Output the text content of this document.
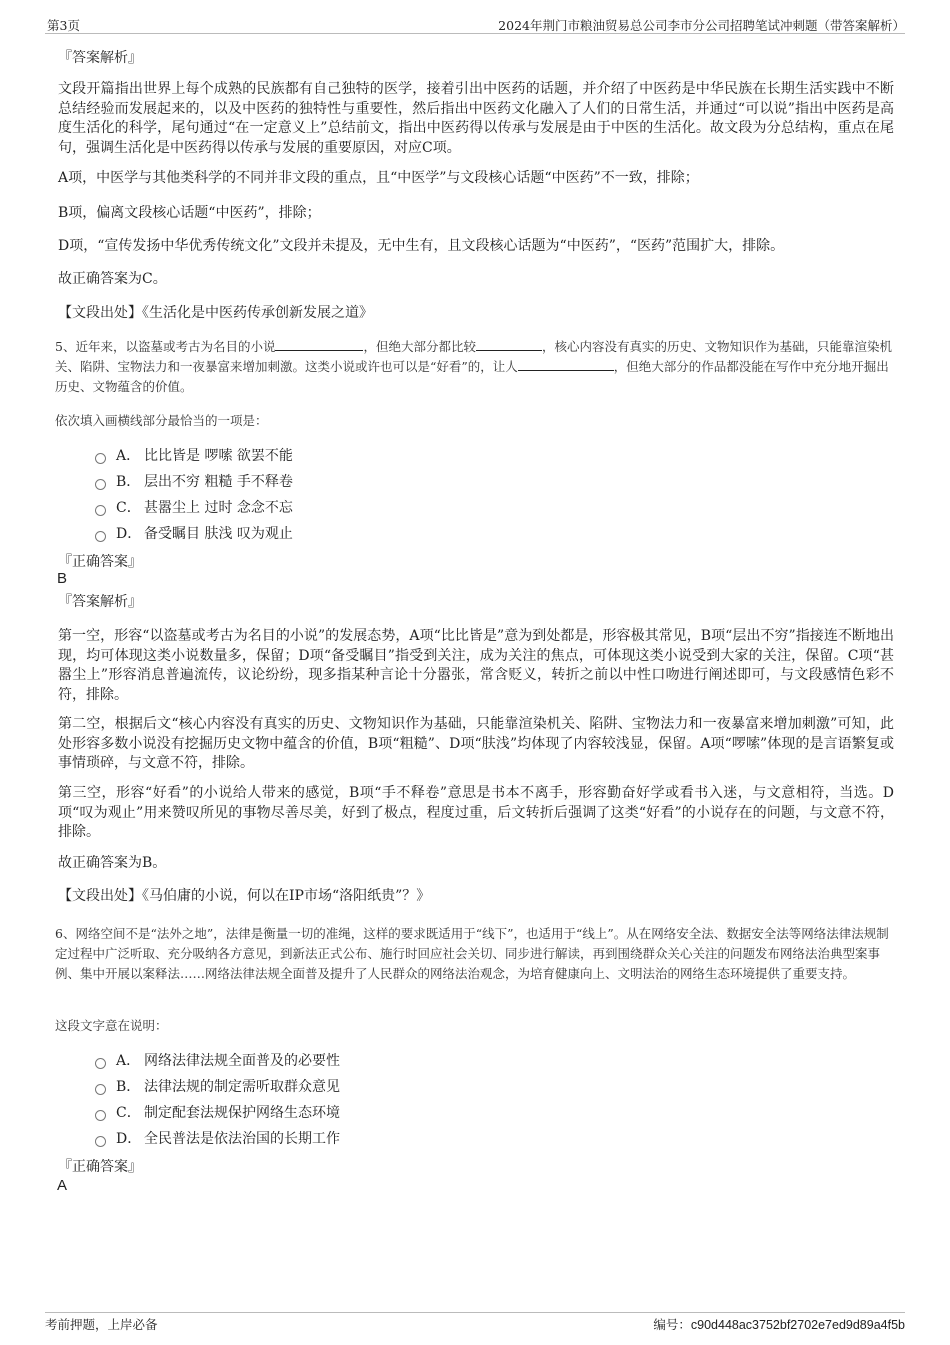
第3页	2024年荆门市粮油贸易总公司李市分公司招聘笔试冲刺题（带答案解析）
『答案解析』
文段开篇指出世界上每个成熟的民族都有自己独特的医学，接着引出中医药的话题，并介绍了中医药是中华民族在长期生活实践中不断总结经验而发展起来的，以及中医药的独特性与重要性，然后指出中医药文化融入了人们的日常生活，并通过“可以说”指出中医药是高度生活化的科学，尾句通过“在一定意义上”总结前文，指出中医药得以传承与发展是由于中医的生活化。故文段为分总结构，重点在尾句，强调生活化是中医药得以传承与发展的重要原因，对应C项。
A项，中医学与其他类科学的不同并非文段的重点，且“中医学”与文段核心话题“中医药”不一致，排除；
B项，偏离文段核心话题“中医药”，排除；
D项，“宣传发扬中华优秀传统文化”文段并未提及，无中生有，且文段核心话题为“中医药”，“医药”范围扩大，排除。
故正确答案为C。
【文段出处】《生活化是中医药传承创新发展之道》
5、近年来，以盗墓或考古为名目的小说	，但绝大部分都比较	，核心内容没有真实的历史、文物知识作为基础，只能靠渲染机关、陷阱、宝物法力和一夜暴富来增加刺激。这类小说或许也可以是“好看”的，让人	，但绝大部分的作品都没能在写作中充分地开掘出历史、文物蕴含的价值。
依次填入画横线部分最恰当的一项是：
A． 比比皆是 啰嗦 欲罢不能
B． 层出不穷 粗糙 手不释卷
C． 甚嚣尘上 过时 念念不忘
D． 备受瞩目 肤浅 叹为观止
『正确答案』
B
『答案解析』
第一空，形容“以盗墓或考古为名目的小说”的发展态势，A项“比比皆是”意为到处都是，形容极其常见，B项“层出不穷”指接连不断地出现，均可体现这类小说数量多，保留；D项“备受瞩目”指受到关注，成为关注的焦点，可体现这类小说受到大家的关注，保留。C项“甚嚣尘上”形容消息普遍流传，议论纷纷，现多指某种言论十分嚣张，常含贬义，转折之前以中性口吻进行阐述即可，与文段感情色彩不符，排除。
第二空，根据后文“核心内容没有真实的历史、文物知识作为基础，只能靠渲染机关、陷阱、宝物法力和一夜暴富来增加刺激”可知，此处形容多数小说没有挖掘历史文物中蕴含的价值，B项“粗糙”、D项“肤浅”均体现了内容较浅显，保留。A项“啰嗦”体现的是言语繁复或事情琐碎，与文意不符，排除。
第三空，形容“好看”的小说给人带来的感觉，B项“手不释卷”意思是书本不离手，形容勤奋好学或看书入迷，与文意相符，当选。D项“叹为观止”用来赞叹所见的事物尽善尽美，好到了极点，程度过重，后文转折后强调了这类“好看”的小说存在的问题，与文意不符，排除。
故正确答案为B。
【文段出处】《马伯庸的小说，何以在IP市场“洛阳纸贵”？》
6、网络空间不是“法外之地”，法律是衡量一切的准绳，这样的要求既适用于“线下”，也适用于“线上”。从在网络安全法、数据安全法等网络法律法规制定过程中广泛听取、充分吸纳各方意见，到新法正式公布、施行时回应社会关切、同步进行解读，再到围绕群众关心关注的问题发布网络法治典型案事例、集中开展以案释法……网络法律法规全面普及提升了人民群众的网络法治观念，为培育健康向上、文明法治的网络生态环境提供了重要支持。
这段文字意在说明：
A． 网络法律法规全面普及的必要性
B． 法律法规的制定需听取群众意见
C． 制定配套法规保护网络生态环境
D． 全民普法是依法治国的长期工作
『正确答案』
A
考前押题，上岸必备	编号：c90d448ac3752bf2702e7ed9d89a4f5b
